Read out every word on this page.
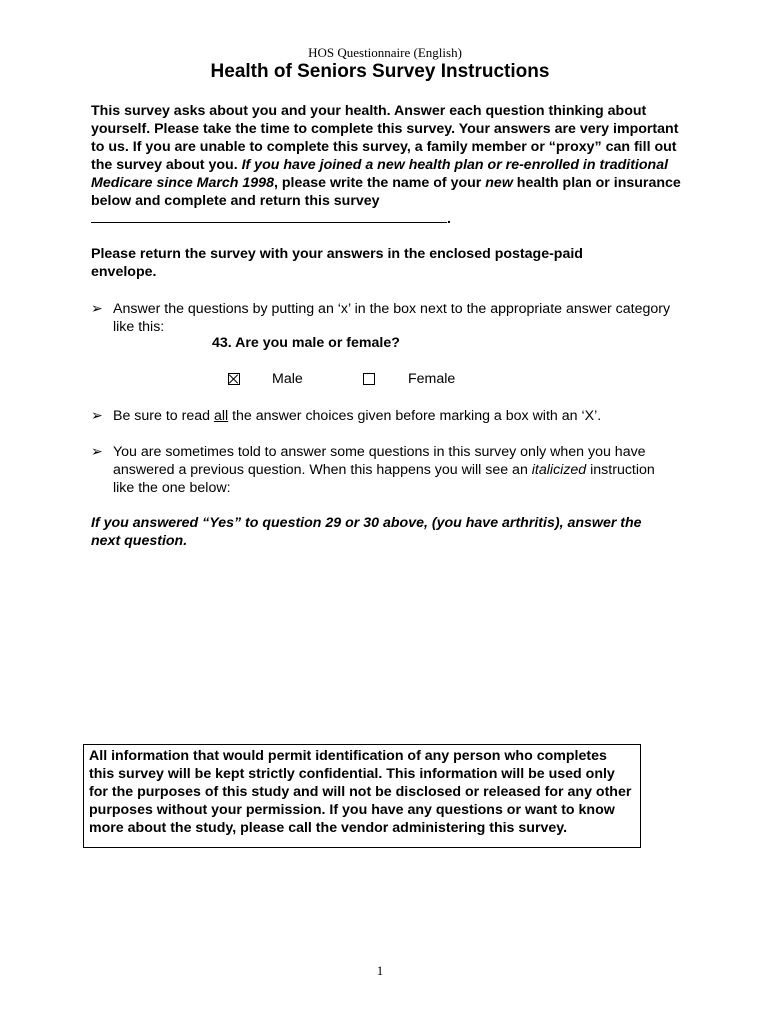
HOS Questionnaire (English)
Health of Seniors Survey Instructions

This survey asks about you and your health. Answer each question thinking about yourself. Please take the time to complete this survey. Your answers are very important to us. If you are unable to complete this survey, a family member or “proxy” can fill out the survey about you. If you have joined a new health plan or re-enrolled in traditional Medicare since March 1998, please write the name of your new health plan or insurance below and complete and return this survey
.

Please return the survey with your answers in the enclosed postage-paid envelope.

➢ Answer the questions by putting an ‘x’ in the box next to the appropriate answer category like this:
43. Are you male or female?
Male	Female
➢ Be sure to read all the answer choices given before marking a box with an ‘X’.
➢ You are sometimes told to answer some questions in this survey only when you have answered a previous question. When this happens you will see an italicized instruction like the one below:

If you answered “Yes” to question 29 or 30 above, (you have arthritis), answer the next question.

All information that would permit identification of any person who completes this survey will be kept strictly confidential. This information will be used only for the purposes of this study and will not be disclosed or released for any other purposes without your permission. If you have any questions or want to know more about the study, please call the vendor administering this survey.
1
